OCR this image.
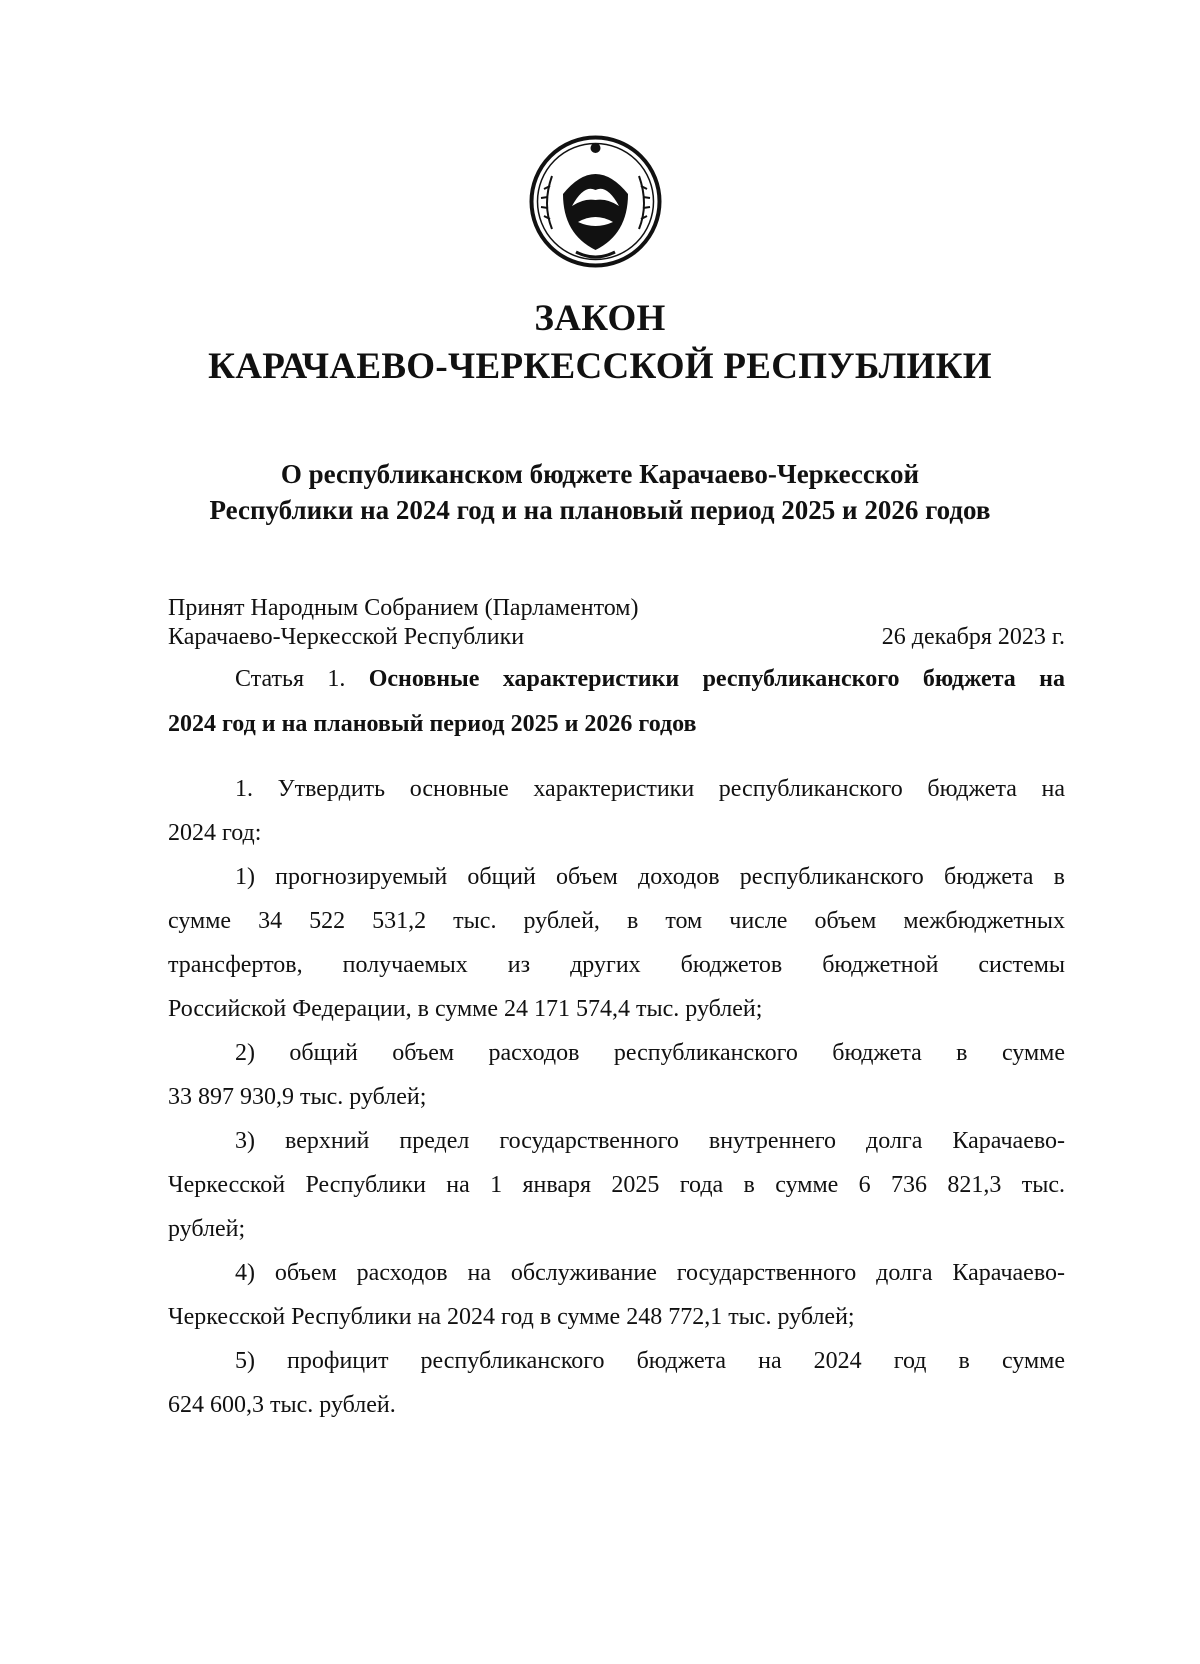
ЗАКОН
КАРАЧАЕВО-ЧЕРКЕССКОЙ РЕСПУБЛИКИ
О республиканском бюджете Карачаево-Черкесской
Республики на 2024 год и на плановый период 2025 и 2026 годов
Принят Народным Собранием (Парламентом)
Карачаево-Черкесской Республики	26 декабря 2023 г.
Статья 1. Основные характеристики республиканского бюджета на
2024 год и на плановый период 2025 и 2026 годов
1. Утвердить основные характеристики республиканского бюджета на
2024 год:
1) прогнозируемый общий объем доходов республиканского бюджета в
сумме 34 522 531,2 тыс. рублей, в том числе объем межбюджетных
трансфертов, получаемых из других бюджетов бюджетной системы
Российской Федерации, в сумме 24 171 574,4 тыс. рублей;
2) общий объем расходов республиканского бюджета в сумме
33 897 930,9 тыс. рублей;
3) верхний предел государственного внутреннего долга Карачаево-
Черкесской Республики на 1 января 2025 года в сумме 6 736 821,3 тыс.
рублей;
4) объем расходов на обслуживание государственного долга Карачаево-
Черкесской Республики на 2024 год в сумме 248 772,1 тыс. рублей;
5) профицит республиканского бюджета на 2024 год в сумме
624 600,3 тыс. рублей.
